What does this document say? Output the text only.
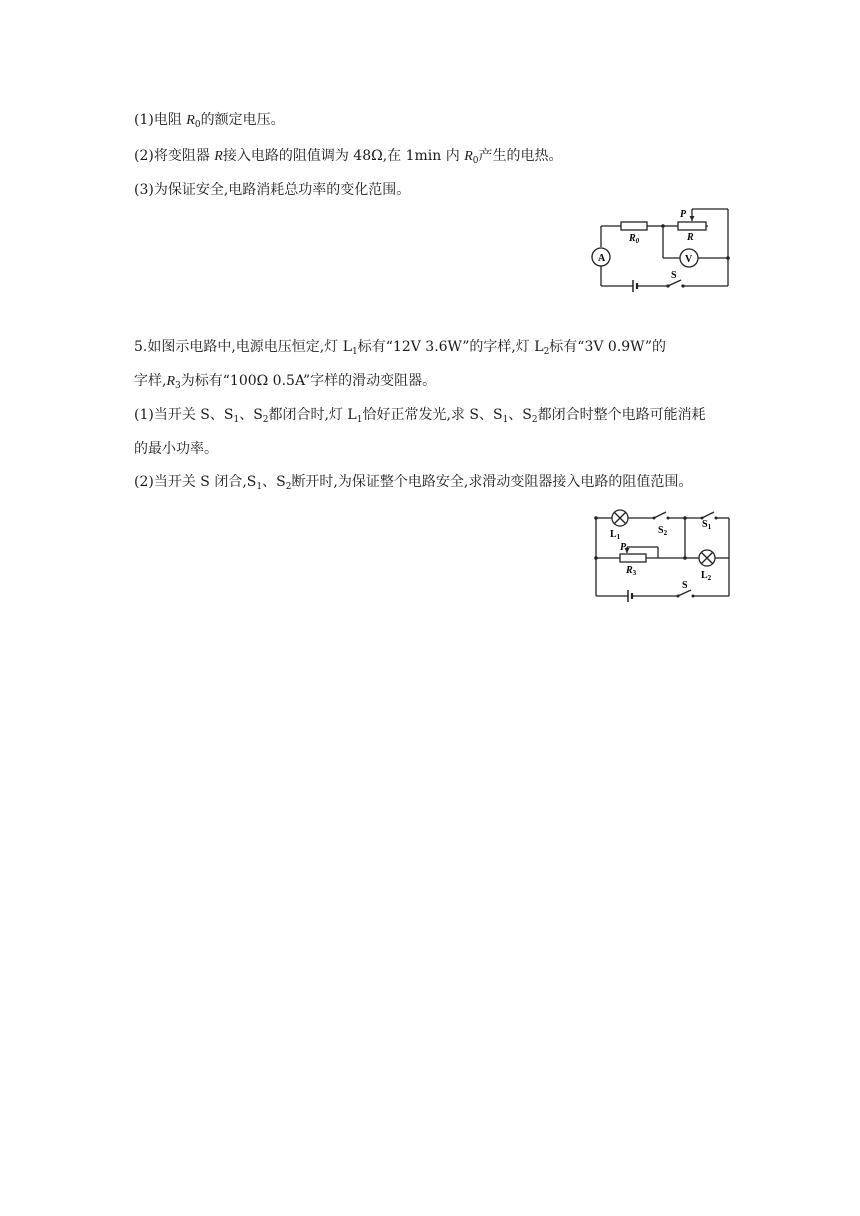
(1)电阻 $R_0$的额定电压。
(2)将变阻器 R接入电路的阻值调为 48Ω,在 1min 内 $R_0$产生的电热。
(3)为保证安全,电路消耗总功率的变化范围。
$R_0$
P
R
A	V
S
5.如图示电路中,电源电压恒定,灯 $L_1$标有“12V 3.6W”的字样,灯 $L_2$标有“3V 0.9W”的
字样$,R_3$为标有“100Ω 0.5A”字样的滑动变阻器。
(1)当开关 S、$S_1$、$S_2$都闭合时,灯 $L_1$恰好正常发光,求 S、$S_1$、$S_2$都闭合时整个电路可能消耗
的最小功率。
(2)当开关 S 闭合$,S_1$、$S_2$断开时,为保证整个电路安全,求滑动变阻器接入电路的阻值范围。
$L_1$
$S_2$
$S_1$
P
$R_3$	$L_2$
S
